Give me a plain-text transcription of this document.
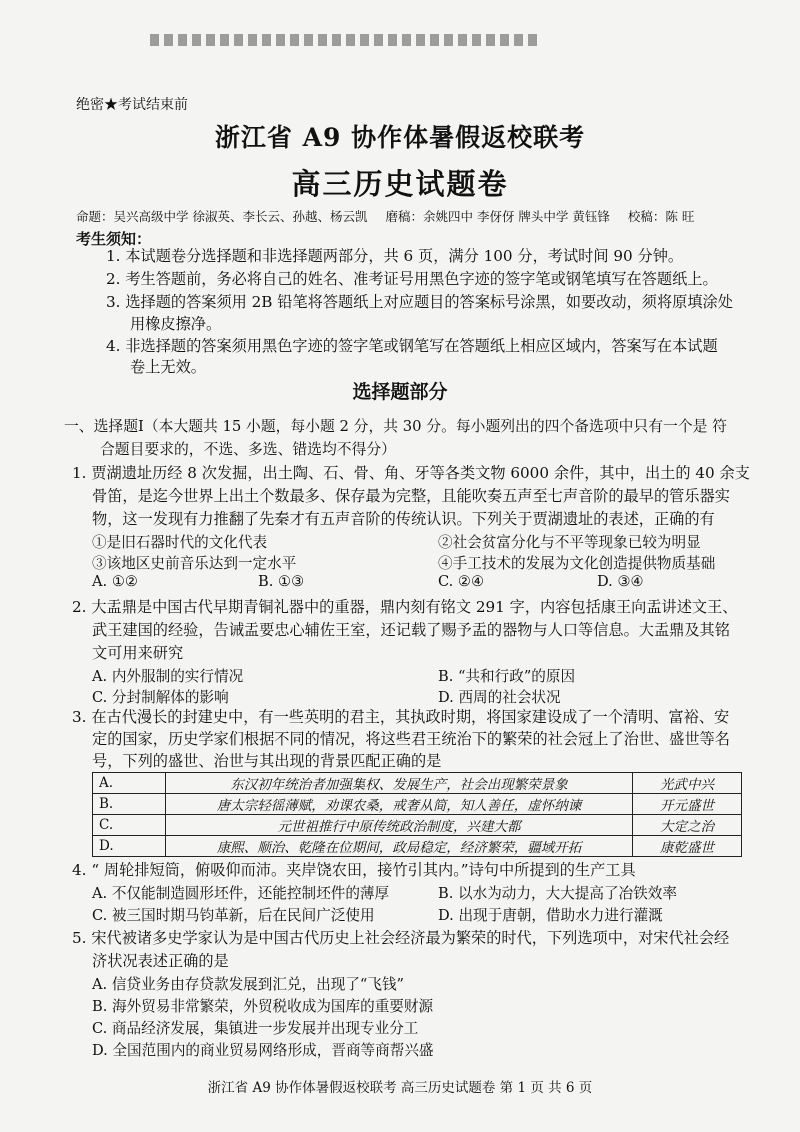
绝密★考试结束前
浙江省 A9 协作体暑假返校联考
高三历史试题卷
命题：吴兴高级中学 徐淑英、李长云、孙越、杨云凯 磨稿：余姚四中 李伢伢 牌头中学 黄钰锋 校稿：陈 旺
考生须知：
1. 本试题卷分选择题和非选择题两部分，共 6 页，满分 100 分，考试时间 90 分钟。
2. 考生答题前，务必将自己的姓名、准考证号用黑色字迹的签字笔或钢笔填写在答题纸上。
3. 选择题的答案须用 2B 铅笔将答题纸上对应题目的答案标号涂黑，如要改动，须将原填涂处
用橡皮擦净。
4. 非选择题的答案须用黑色字迹的签字笔或钢笔写在答题纸上相应区域内，答案写在本试题
卷上无效。
选择题部分
一、选择题Ⅰ（本大题共 15 小题，每小题 2 分，共 30 分。每小题列出的四个备选项中只有一个是 符
合题目要求的，不选、多选、错选均不得分）
1. 贾湖遗址历经 8 次发掘，出土陶、石、骨、角、牙等各类文物 6000 余件，其中，出土的 40 余支
骨笛，是迄今世界上出土个数最多、保存最为完整，且能吹奏五声至七声音阶的最早的管乐器实
物，这一发现有力推翻了先秦才有五声音阶的传统认识。下列关于贾湖遗址的表述，正确的有
①是旧石器时代的文化代表	②社会贫富分化与不平等现象已较为明显
③该地区史前音乐达到一定水平	④手工技术的发展为文化创造提供物质基础
A. ①②	B. ①③	C. ②④	D. ③④
2. 大盂鼎是中国古代早期青铜礼器中的重器，鼎内刻有铭文 291 字，内容包括康王向盂讲述文王、
武王建国的经验，告诫盂要忠心辅佐王室，还记载了赐予盂的器物与人口等信息。大盂鼎及其铭
文可用来研究
A. 内外服制的实行情况	B. “共和行政”的原因
C. 分封制解体的影响	D. 西周的社会状况
3. 在古代漫长的封建史中，有一些英明的君主，其执政时期，将国家建设成了一个清明、富裕、安
定的国家，历史学家们根据不同的情况，将这些君王统治下的繁荣的社会冠上了治世、盛世等名
A.	东汉初年统治者加强集权、发展生产，社会出现繁荣景象	光武中兴
B.	唐太宗轻徭薄赋，劝课农桑，戒奢从简，知人善任，虚怀纳谏	开元盛世
C.	元世祖推行中原传统政治制度，兴建大都	大定之治
D.	康熙、顺治、乾隆在位期间，政局稳定，经济繁荣，疆域开拓	康乾盛世
号，下列的盛世、治世与其出现的背景匹配正确的是
4. “ 周轮排短筒，俯吸仰而沛。夹岸饶农田，接竹引其内。”诗句中所提到的生产工具
A. 不仅能制造圆形坯件，还能控制坯件的薄厚	B. 以水为动力，大大提高了冶铁效率
C. 被三国时期马钧革新，后在民间广泛使用	D. 出现于唐朝，借助水力进行灌溉
5. 宋代被诸多史学家认为是中国古代历史上社会经济最为繁荣的时代，下列选项中，对宋代社会经
济状况表述正确的是
A. 信贷业务由存贷款发展到汇兑，出现了“飞钱”
B. 海外贸易非常繁荣，外贸税收成为国库的重要财源
C. 商品经济发展，集镇进一步发展并出现专业分工
D. 全国范围内的商业贸易网络形成，晋商等商帮兴盛
浙江省 A9 协作体暑假返校联考 高三历史试题卷 第 1 页 共 6 页
